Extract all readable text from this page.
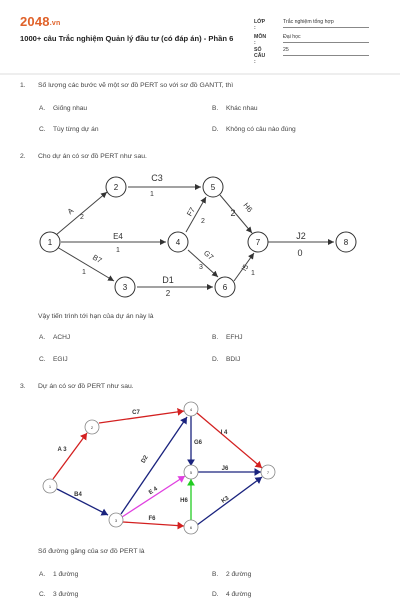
2048.vn
1000+ câu Trắc nghiệm Quản lý đầu tư (có đáp án) - Phần 6
LỚP :
Trắc nghiệm tổng hợp
MÔN :
Đại học
SỐ CÂU :
25
1. Số lượng các bước vẽ một sơ đồ PERT so với sơ đồ GANTT, thì
A. Giống nhau	B. Khác nhau
C. Tùy từng dự án	D. Không có câu nào đúng
2. Cho dự án có sơ đồ PERT như sau.
A
2
B7
1
C3
1
D1
2
E4
1
F7
2
G7
3
H6
2
I5
1
J2
0
1
2
3
4
5
6
7	8
Vậy tiến trình tới hạn của dự án này là
A. ACHJ	B. EFHJ
C. EGIJ	D. BDIJ
3. Dự án có sơ đồ PERT như sau.
A 3
B4
C7
D2
E 4
F6
G6
H6
I 4
J6
K3
1
2
3
4
5
6
7
Số đường găng của sơ đồ PERT là
A. 1 đường	B. 2 đường
C. 3 đường	D. 4 đường
